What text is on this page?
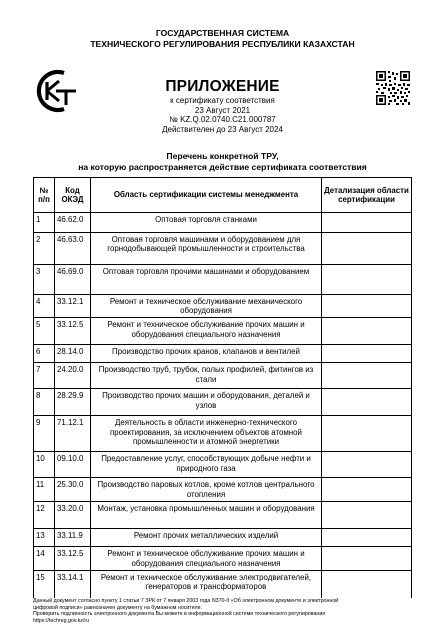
ГОСУДАРСТВЕННАЯ СИСТЕМА
ТЕХНИЧЕСКОГО РЕГУЛИРОВАНИЯ РЕСПУБЛИКИ КАЗАХСТАН
ПРИЛОЖЕНИЕ
к сертификату соответствия
23 Август 2021
№ KZ.Q.02.0740.С21.000787
Действителен до 23 Август 2024
Перечень конкретной ТРУ,
на которую распространяется действие сертификата соответствия
№ п/п	Код ОКЭД	Область сертификации системы менеджмента	Детализация области сертификации
1	46.62.0	Оптовая торговля станками	
2	46.63.0	Оптовая торговля машинами и оборудованием для горнодобывающей промышленности и строительства	
3	46.69.0	Оптовая торговля прочими машинами и оборудованием	
4	33.12.1	Ремонт и техническое обслуживание механического оборудования	
5	33.12.5	Ремонт и техническое обслуживание прочих машин и оборудования специального назначения	
6	28.14.0	Производство прочих кранов, клапанов и вентилей	
7	24.20.0	Производство труб, трубок, полых профилей, фитингов из стали	
8	28.29.9	Производство прочих машин и оборудования, деталей и узлов	
9	71.12.1	Деятельность в области инженерно-технического проектирования, за исключением объектов атомной промышленности и атомной энергетики	
10	09.10.0	Предоставление услуг, способствующих добыче нефти и природного газа	
11	25.30.0	Производство паровых котлов, кроме котлов центрального отопления	
12	33.20.0	Монтаж, установка промышленных машин и оборудования	
13	33.11.9	Ремонт прочих металлических изделий	
14	33.12.5	Ремонт и техническое обслуживание прочих машин и оборудования специального назначения	
15	33.14.1	Ремонт и техническое обслуживание электродвигателей, генераторов и трансформаторов	
Данный документ согласно пункту 1 статьи 7 ЗРК от 7 января 2003 года N370-II «Об электронном документе и электронной
цифровой подписи» равнозначен документу на бумажном носителе.
Проверить подлинность электронного документа Вы можете в информационной системе технического регулирования
https://techreg.gov.kz/ru
